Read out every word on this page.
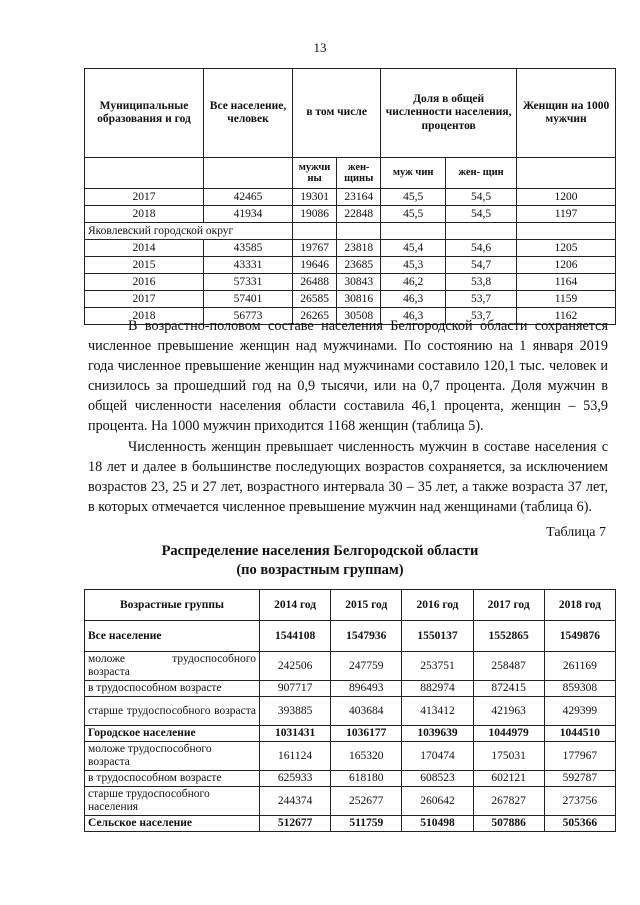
13
Муниципальные образования и год	Все население, человек	в том числе		Доля в общей численности населения, процентов		Женщин на 1000 мужчин
		мужчи ны	жен- щины	муж чин	жен- щин	
2017	42465	19301	23164	45,5	54,5	1200
2018	41934	19086	22848	45,5	54,5	1197
Яковлевский городской округ						
2014	43585	19767	23818	45,4	54,6	1205
2015	43331	19646	23685	45,3	54,7	1206
2016	57331	26488	30843	46,2	53,8	1164
2017	57401	26585	30816	46,3	53,7	1159
2018	56773	26265	30508	46,3	53,7	1162

В возрастно-половом составе населения Белгородской области сохраняется численное превышение женщин над мужчинами. По состоянию на 1 января 2019 года численное превышение женщин над мужчинами составило 120,1 тыс. человек и снизилось за прошедший год на 0,9 тысячи, или на 0,7 процента. Доля мужчин в общей численности населения области составила 46,1 процента, женщин – 53,9 процента. На 1000 мужчин приходится 1168 женщин (таблица 5).

Численность женщин превышает численность мужчин в составе населения с 18 лет и далее в большинстве последующих возрастов сохраняется, за исключением возрастов 23, 25 и 27 лет, возрастного интервала 30 – 35 лет, а также возраста 37 лет, в которых отмечается численное превышение мужчин над женщинами (таблица 6).

Таблица 7
Распределение населения Белгородской области
(по возрастным группам)
Возрастные группы	2014 год	2015 год	2016 год	2017 год	2018 год
Все население	1544108	1547936	1550137	1552865	1549876
моложе трудоспособного возраста	242506	247759	253751	258487	261169
в трудоспособном возрасте	907717	896493	882974	872415	859308
старше трудоспособного возраста	393885	403684	413412	421963	429399
Городское население	1031431	1036177	1039639	1044979	1044510
моложе трудоспособного возраста	161124	165320	170474	175031	177967
в трудоспособном возрасте	625933	618180	608523	602121	592787
старше трудоспособного населения	244374	252677	260642	267827	273756
Сельское население	512677	511759	510498	507886	505366
